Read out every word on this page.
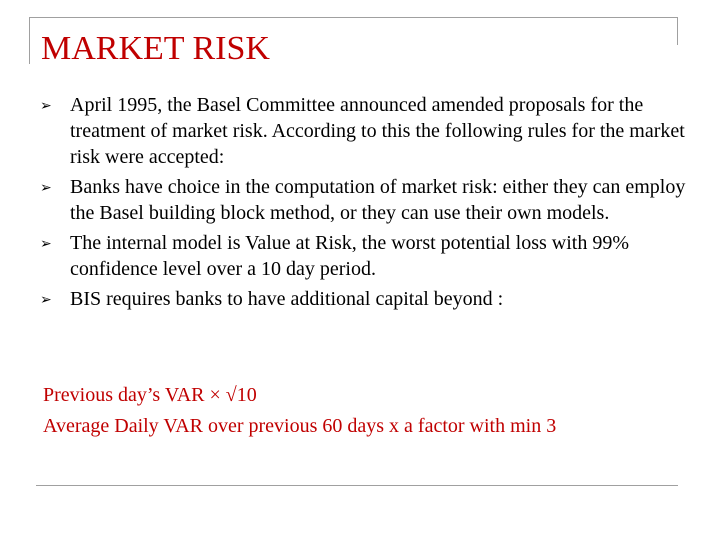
MARKET RISK
➢ April 1995, the Basel Committee announced amended proposals for the treatment of market risk. According to this the following rules for the market risk were accepted:
➢ Banks have choice in the computation of market risk: either they can employ the Basel building block method, or they can use their own models.
➢ The internal model is Value at Risk, the worst potential loss with 99% confidence level over a 10 day period.
➢ BIS requires banks to have additional capital beyond :
Previous day’s VAR × √10
Average Daily VAR over previous 60 days x a factor with min 3
